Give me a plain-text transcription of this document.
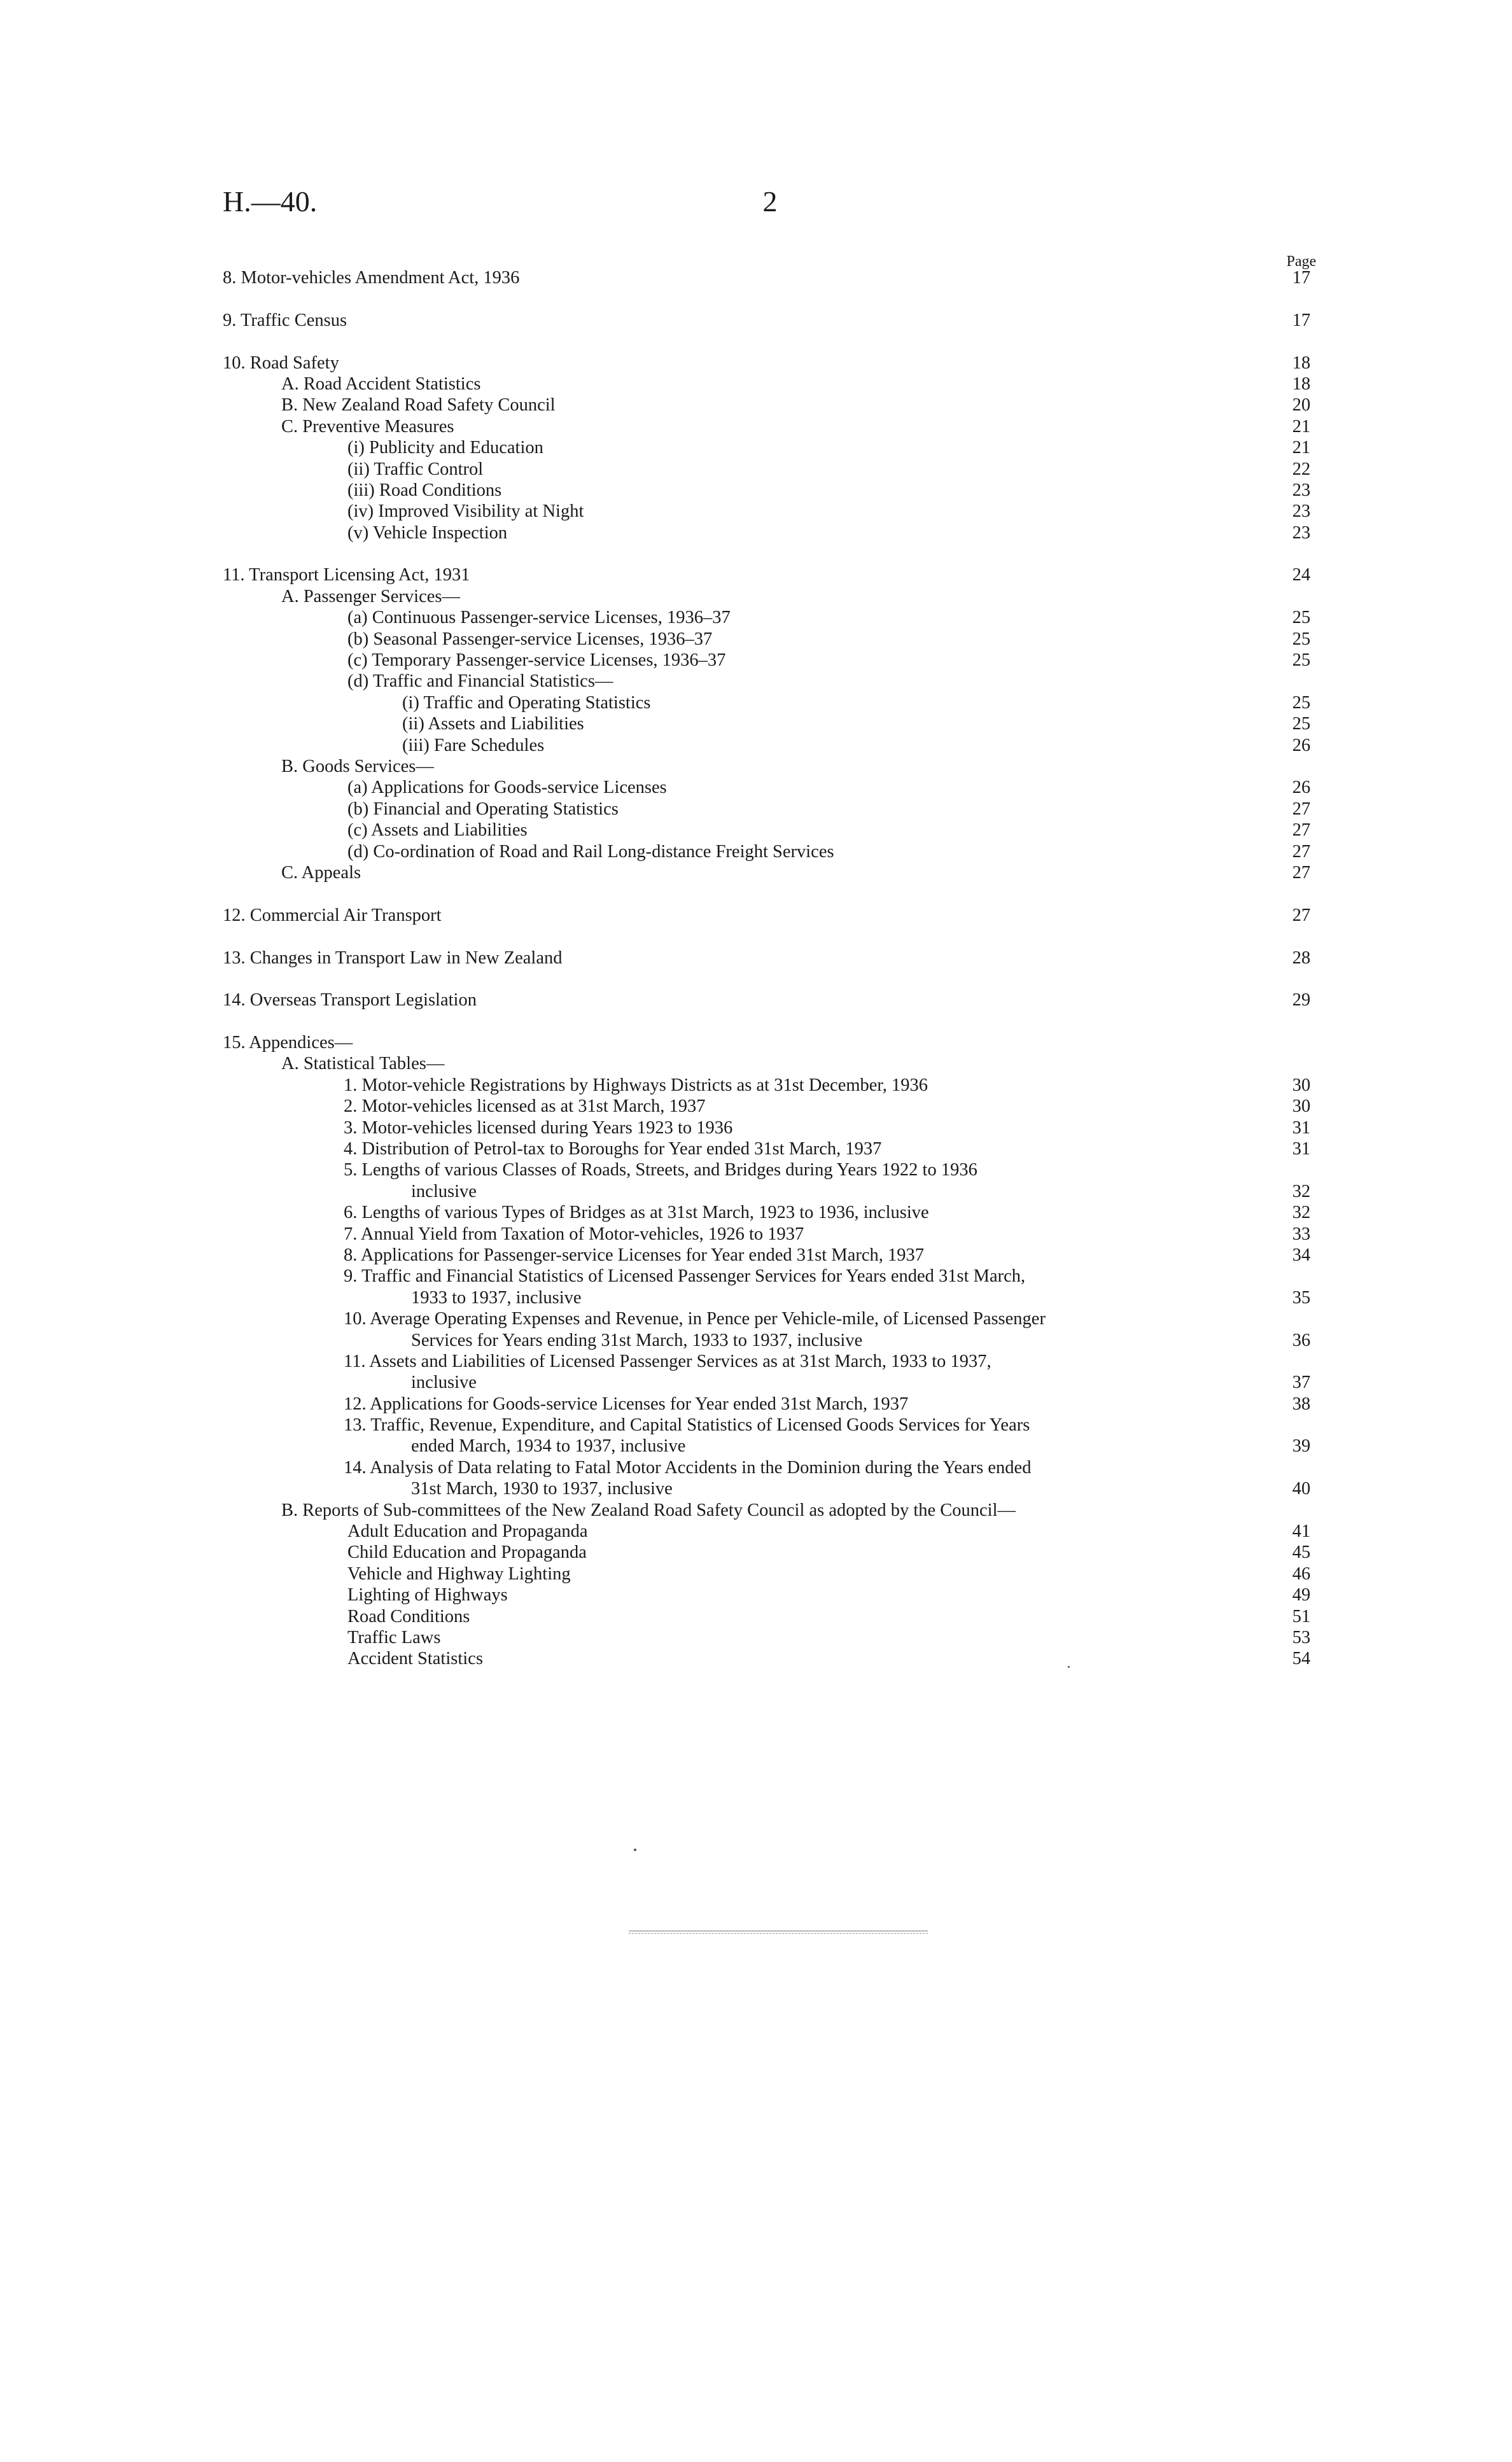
H.—40.	2
Page
8. Motor-vehicles Amendment Act, 1936	17
9. Traffic Census	17
10. Road Safety	18
A. Road Accident Statistics	18
B. New Zealand Road Safety Council	20
C. Preventive Measures	21
(i) Publicity and Education	21
(ii) Traffic Control	22
(iii) Road Conditions	23
(iv) Improved Visibility at Night	23
(v) Vehicle Inspection	23
11. Transport Licensing Act, 1931	24
A. Passenger Services—
(a) Continuous Passenger-service Licenses, 1936–37	25
(b) Seasonal Passenger-service Licenses, 1936–37	25
(c) Temporary Passenger-service Licenses, 1936–37	25
(d) Traffic and Financial Statistics—
(i) Traffic and Operating Statistics	25
(ii) Assets and Liabilities	25
(iii) Fare Schedules	26
B. Goods Services—
(a) Applications for Goods-service Licenses	26
(b) Financial and Operating Statistics	27
(c) Assets and Liabilities	27
(d) Co-ordination of Road and Rail Long-distance Freight Services	27
C. Appeals	27
12. Commercial Air Transport	27
13. Changes in Transport Law in New Zealand	28
14. Overseas Transport Legislation	29
15. Appendices—
A. Statistical Tables—
1. Motor-vehicle Registrations by Highways Districts as at 31st December, 1936	30
2. Motor-vehicles licensed as at 31st March, 1937	30
3. Motor-vehicles licensed during Years 1923 to 1936	31
4. Distribution of Petrol-tax to Boroughs for Year ended 31st March, 1937	31
5. Lengths of various Classes of Roads, Streets, and Bridges during Years 1922 to 1936
inclusive	32
6. Lengths of various Types of Bridges as at 31st March, 1923 to 1936, inclusive	32
7. Annual Yield from Taxation of Motor-vehicles, 1926 to 1937	33
8. Applications for Passenger-service Licenses for Year ended 31st March, 1937	34
9. Traffic and Financial Statistics of Licensed Passenger Services for Years ended 31st March,
1933 to 1937, inclusive	35
10. Average Operating Expenses and Revenue, in Pence per Vehicle-mile, of Licensed Passenger
Services for Years ending 31st March, 1933 to 1937, inclusive	36
11. Assets and Liabilities of Licensed Passenger Services as at 31st March, 1933 to 1937,
inclusive	37
12. Applications for Goods-service Licenses for Year ended 31st March, 1937	38
13. Traffic, Revenue, Expenditure, and Capital Statistics of Licensed Goods Services for Years
ended March, 1934 to 1937, inclusive	39
14. Analysis of Data relating to Fatal Motor Accidents in the Dominion during the Years ended
31st March, 1930 to 1937, inclusive	40
B. Reports of Sub-committees of the New Zealand Road Safety Council as adopted by the Council—
Adult Education and Propaganda	41
Child Education and Propaganda	45
Vehicle and Highway Lighting	46
Lighting of Highways	49
Road Conditions	51
Traffic Laws	53
Accident Statistics	54
